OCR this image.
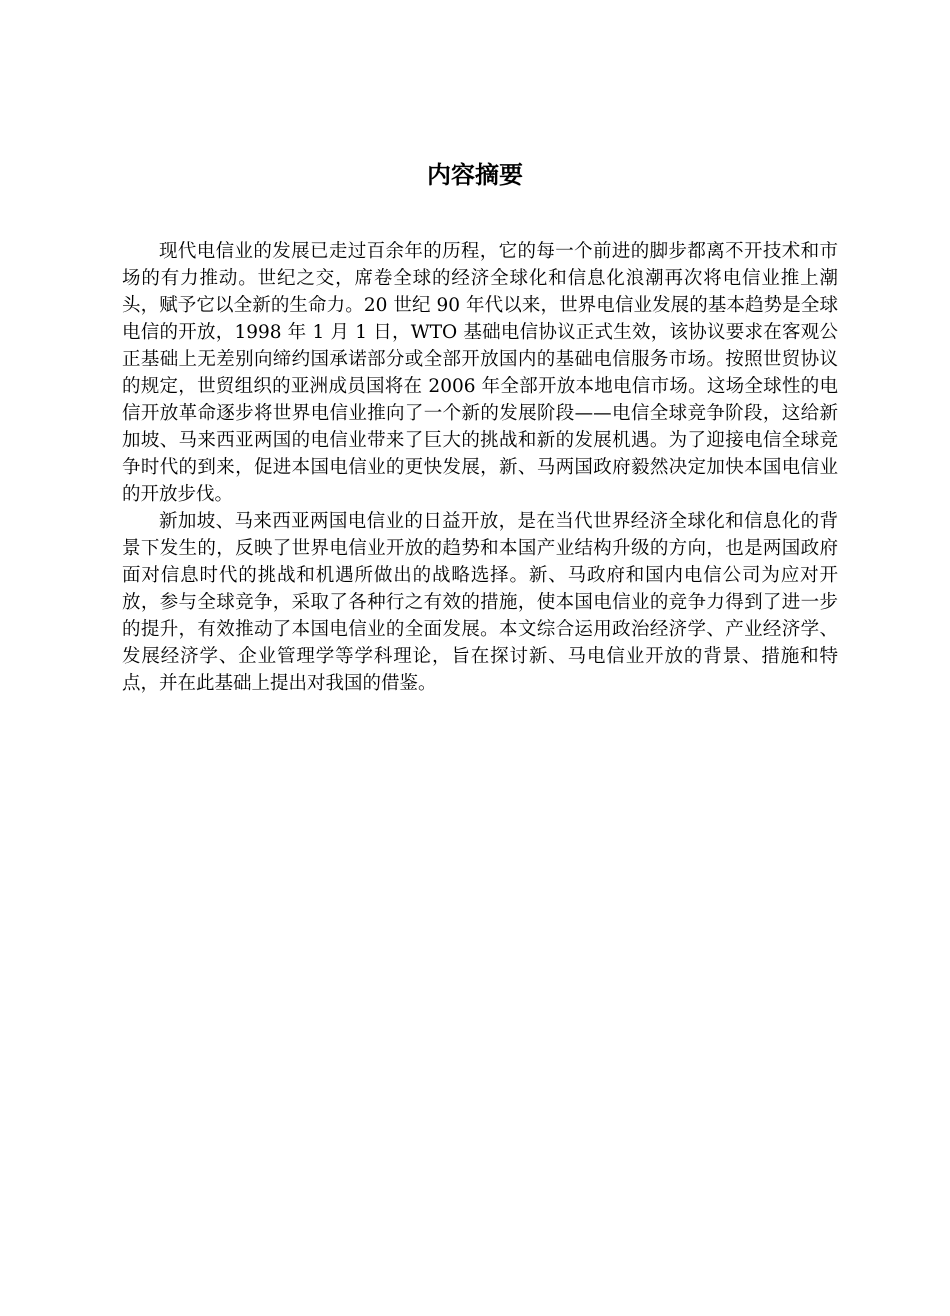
内容摘要

现代电信业的发展已走过百余年的历程，它的每一个前进的脚步都离不开技术和市场的有力推动。世纪之交，席卷全球的经济全球化和信息化浪潮再次将电信业推上潮头，赋予它以全新的生命力。20 世纪 90 年代以来，世界电信业发展的基本趋势是全球电信的开放，1998 年 1 月 1 日，WTO 基础电信协议正式生效，该协议要求在客观公正基础上无差别向缔约国承诺部分或全部开放国内的基础电信服务市场。按照世贸协议的规定，世贸组织的亚洲成员国将在 2006 年全部开放本地电信市场。这场全球性的电信开放革命逐步将世界电信业推向了一个新的发展阶段——电信全球竞争阶段，这给新加坡、马来西亚两国的电信业带来了巨大的挑战和新的发展机遇。为了迎接电信全球竞争时代的到来，促进本国电信业的更快发展，新、马两国政府毅然决定加快本国电信业的开放步伐。

新加坡、马来西亚两国电信业的日益开放，是在当代世界经济全球化和信息化的背景下发生的，反映了世界电信业开放的趋势和本国产业结构升级的方向，也是两国政府面对信息时代的挑战和机遇所做出的战略选择。新、马政府和国内电信公司为应对开放，参与全球竞争，采取了各种行之有效的措施，使本国电信业的竞争力得到了进一步的提升，有效推动了本国电信业的全面发展。本文综合运用政治经济学、产业经济学、发展经济学、企业管理学等学科理论，旨在探讨新、马电信业开放的背景、措施和特点，并在此基础上提出对我国的借鉴。
